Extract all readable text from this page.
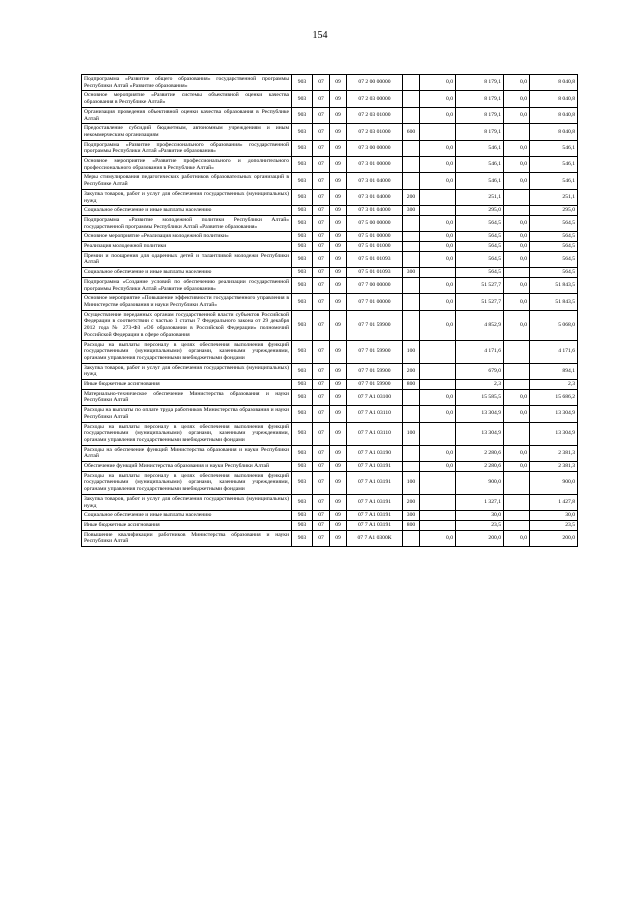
154
Подпрограмма «Развитие общего образования» государственной программы Республики Алтай «Развитие образования»	903	07	09	07 2 00 00000		0,0	8 179,1	0,0	8 040,8
Основное мероприятие «Развитие системы объективной оценки качества образования в Республике Алтай»	903	07	09	07 2 03 00000		0,0	8 179,1	0,0	8 040,8
Организация проведения объективной оценки качества образования в Республике Алтай	903	07	09	07 2 03 01000		0,0	8 179,1	0,0	8 040,8
Предоставление субсидий бюджетным, автономным учреждениям и иным некоммерческим организациям	903	07	09	07 2 03 01000	600		8 179,1		8 040,8
Подпрограмма «Развитие профессионального образования» государственной программы Республики Алтай «Развитие образования»	903	07	09	07 3 00 00000		0,0	546,1	0,0	546,1
Основное мероприятие «Развитие профессионального и дополнительного профессионального образования в Республике Алтай»	903	07	09	07 3 01 00000		0,0	546,1	0,0	546,1
Меры стимулирования педагогических работников образовательных организаций в Республике Алтай	903	07	09	07 3 01 04000		0,0	546,1	0,0	546,1
Закупка товаров, работ и услуг для обеспечения государственных (муниципальных) нужд	903	07	09	07 3 01 04000	200		251,1		251,1
Социальное обеспечение и иные выплаты населению	903	07	09	07 3 01 04000	300		295,0		295,0
Подпрограмма «Развитие молодежной политики Республики Алтай» государственной программы Республики Алтай «Развитие образования»	903	07	09	07 5 00 00000		0,0	564,5	0,0	564,5
Основное мероприятие «Реализация молодежной политики»	903	07	09	07 5 01 00000		0,0	564,5	0,0	564,5
Реализация молодежной политики	903	07	09	07 5 01 01000		0,0	564,5	0,0	564,5
Премии и поощрения для одаренных детей и талантливой молодежи Республики Алтай	903	07	09	07 5 01 01093		0,0	564,5	0,0	564,5
Социальное обеспечение и иные выплаты населению	903	07	09	07 5 01 01093	300		564,5		564,5
Подпрограмма «Создание условий по обеспечению реализации государственной программы Республики Алтай «Развитие образования»	903	07	09	07 7 00 00000		0,0	51 527,7	0,0	51 843,5
Основное мероприятие «Повышение эффективности государственного управления в Министерстве образования и науки Республики Алтай»	903	07	09	07 7 01 00000		0,0	51 527,7	0,0	51 843,5
Осуществление переданных органам государственной власти субъектов Российской Федерации в соответствии с частью 1 статьи 7 Федерального закона от 29 декабря 2012 года № 273-ФЗ «Об образовании в Российской Федерации» полномочий Российской Федерации в сфере образования	903	07	09	07 7 01 59900		0,0	4 852,9	0,0	5 068,0
Расходы на выплаты персоналу в целях обеспечения выполнения функций государственными (муниципальными) органами, казенными учреждениями, органами управления государственными внебюджетными фондами	903	07	09	07 7 01 59900	100		4 171,6		4 171,6
Закупка товаров, работ и услуг для обеспечения государственных (муниципальных) нужд	903	07	09	07 7 01 59900	200		679,0		894,1
Иные бюджетные ассигнования	903	07	09	07 7 01 59900	800		2,3		2,3
Материально-техническое обеспечение Министерства образования и науки Республики Алтай	903	07	09	07 7 A1 03100		0,0	15 585,5	0,0	15 686,2
Расходы на выплаты по оплате труда работников Министерства образования и науки Республики Алтай	903	07	09	07 7 A1 03110		0,0	13 304,9	0,0	13 304,9
Расходы на выплаты персоналу в целях обеспечения выполнения функций государственными (муниципальными) органами, казенными учреждениями, органами управления государственными внебюджетными фондами	903	07	09	07 7 A1 03110	100		13 304,9		13 304,9
Расходы на обеспечение функций Министерства образования и науки Республики Алтай	903	07	09	07 7 A1 03190		0,0	2 280,6	0,0	2 381,3
Обеспечение функций Министерства образования и науки Республики Алтай	903	07	09	07 7 A1 03191		0,0	2 280,6	0,0	2 381,3
Расходы на выплаты персоналу в целях обеспечения выполнения функций государственными (муниципальными) органами, казенными учреждениями, органами управления государственными внебюджетными фондами	903	07	09	07 7 A1 03191	100		900,0		900,0
Закупка товаров, работ и услуг для обеспечения государственных (муниципальных) нужд	903	07	09	07 7 A1 03191	200		1 327,1		1 427,8
Социальное обеспечение и иные выплаты населению	903	07	09	07 7 A1 03191	300		30,0		30,0
Иные бюджетные ассигнования	903	07	09	07 7 A1 03191	800		23,5		23,5
Повышение квалификации работников Министерства образования и науки Республики Алтай	903	07	09	07 7 A1 0300К		0,0	200,0	0,0	200,0
